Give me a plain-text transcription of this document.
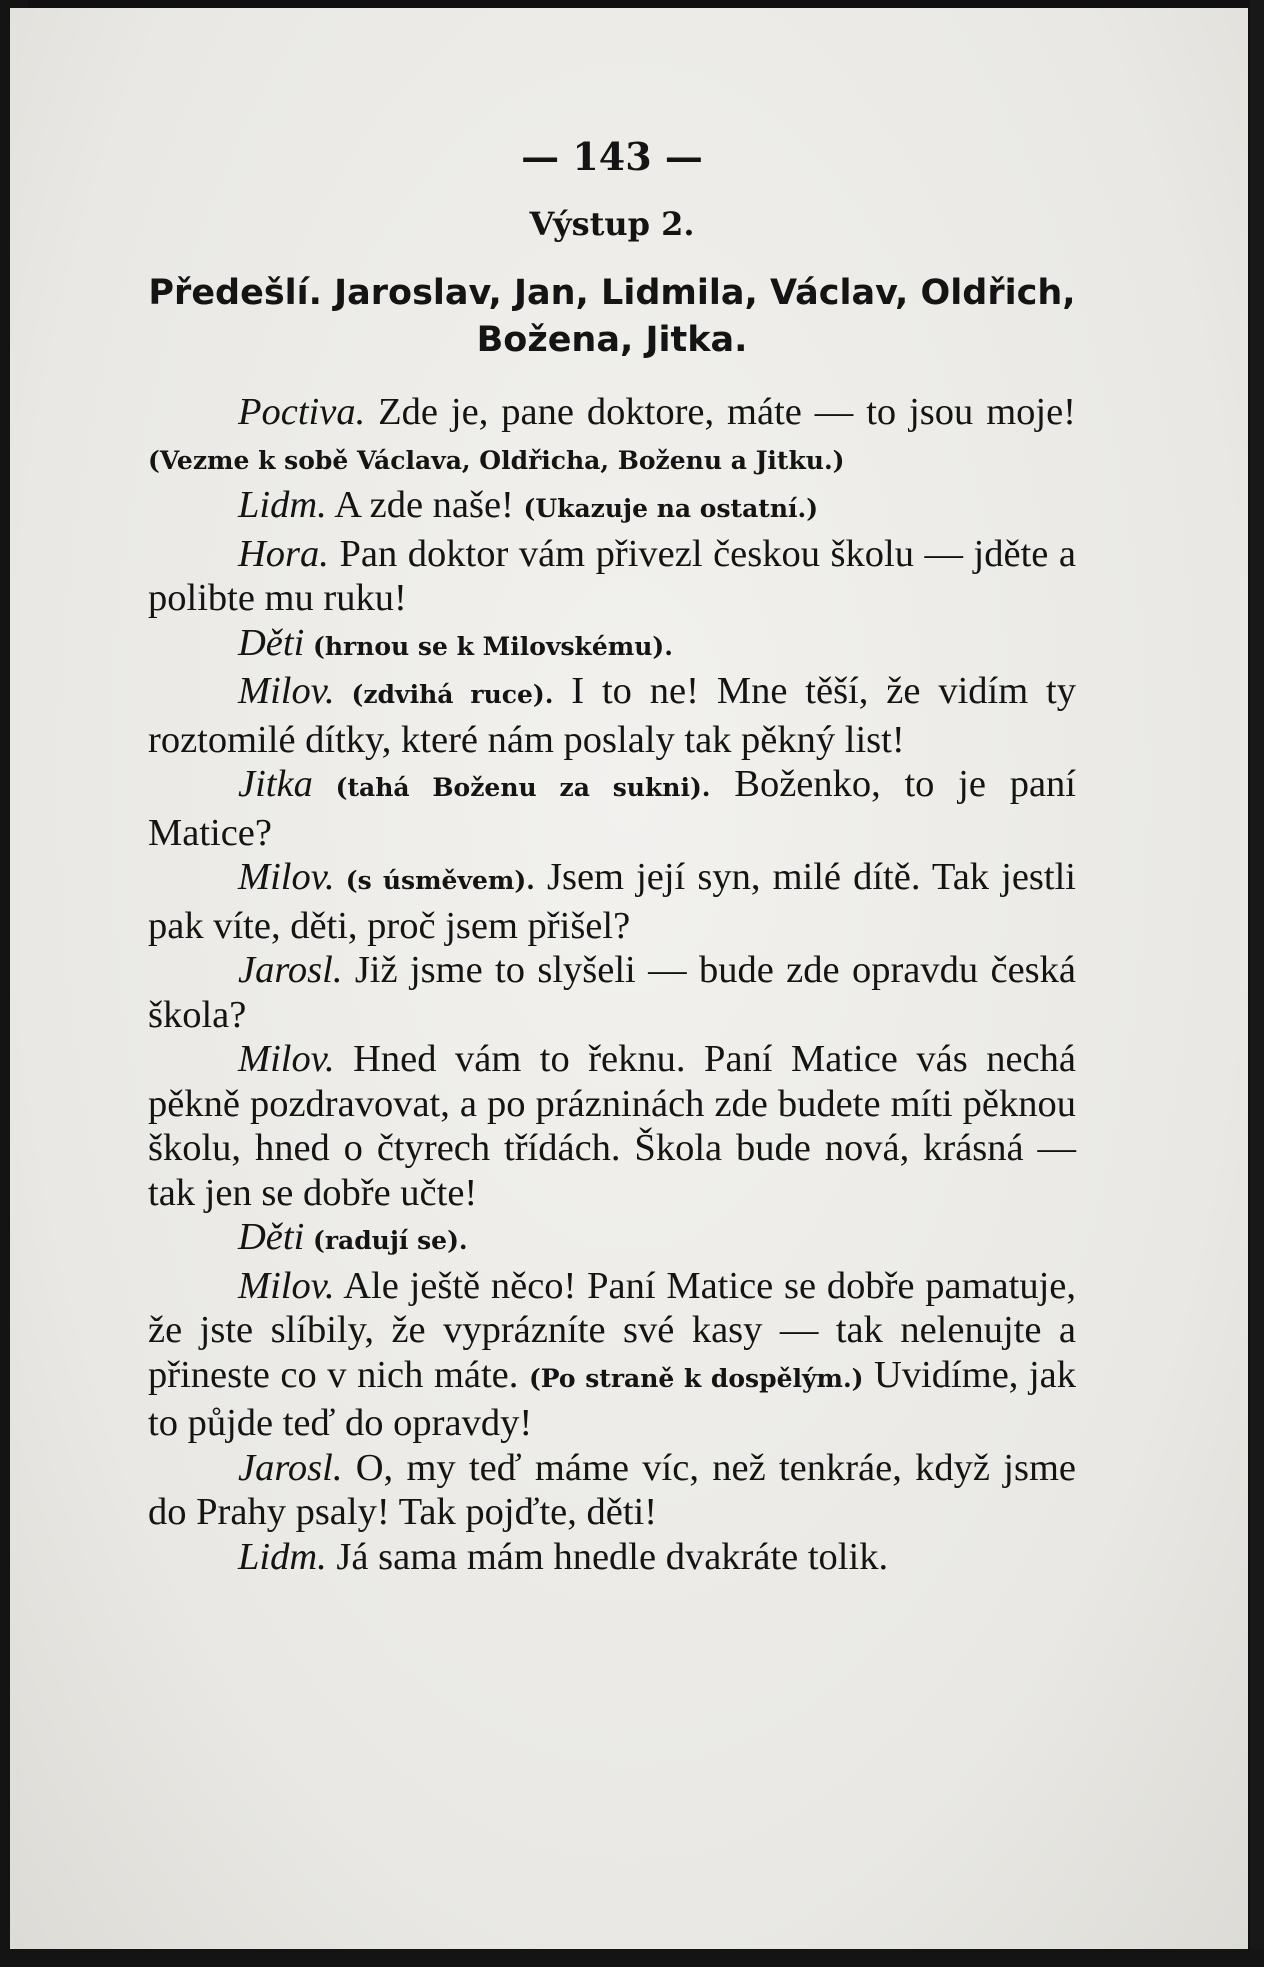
— 143 —
Výstup 2.
Předešlí. Jaroslav, Jan, Lidmila, Václav, Oldřich, Božena, Jitka.

Poctiva. Zde je, pane doktore, máte — to jsou moje! (Vezme k sobě Václava, Oldřicha, Boženu a Jitku.)

Lidm. A zde naše! (Ukazuje na ostatní.)

Hora. Pan doktor vám přivezl českou školu — jděte a polibte mu ruku!

Děti (hrnou se k Milovskému).

Milov. (zdvihá ruce). I to ne! Mne těší, že vidím ty roztomilé dítky, které nám poslaly tak pěkný list!

Jitka (tahá Boženu za sukni). Boženko, to je paní Matice?

Milov. (s úsměvem). Jsem její syn, milé dítě. Tak jestli pak víte, děti, proč jsem přišel?

Jarosl. Již jsme to slyšeli — bude zde opravdu česká škola?

Milov. Hned vám to řeknu. Paní Matice vás nechá pěkně pozdravovat, a po prázninách zde budete míti pěknou školu, hned o čtyrech třídách. Škola bude nová, krásná — tak jen se dobře učte!

Děti (radují se).

Milov. Ale ještě něco! Paní Matice se dobře pamatuje, že jste slíbily, že vyprázníte své kasy — tak nelenujte a přineste co v nich máte. (Po straně k dospělým.) Uvidíme, jak to půjde teď do opravdy!

Jarosl. O, my teď máme víc, než tenkráe, když jsme do Prahy psaly! Tak pojďte, děti!

Lidm. Já sama mám hnedle dvakráte tolik.
